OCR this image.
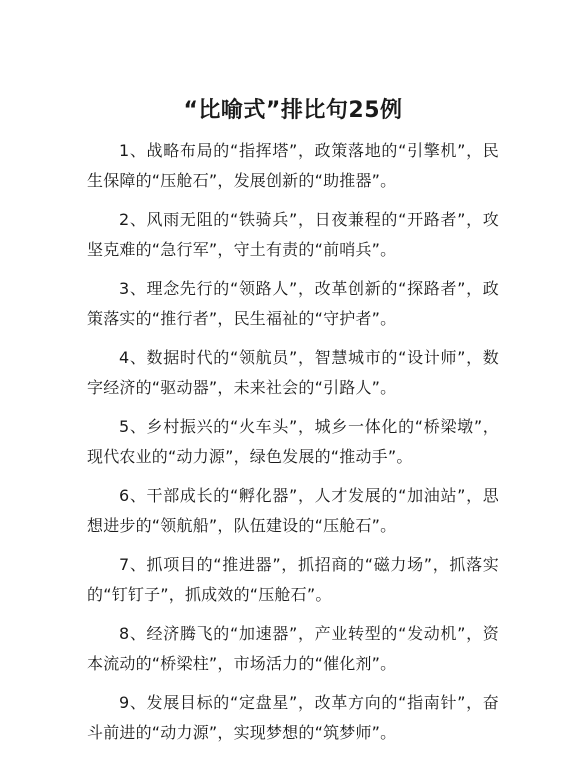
“比喻式”排比句25例

1、战略布局的“指挥塔”，政策落地的“引擎机”，民生保障的“压舱石”，发展创新的“助推器”。

2、风雨无阻的“铁骑兵”，日夜兼程的“开路者”，攻坚克难的“急行军”，守土有责的“前哨兵”。

3、理念先行的“领路人”，改革创新的“探路者”，政策落实的“推行者”，民生福祉的“守护者”。

4、数据时代的“领航员”，智慧城市的“设计师”，数字经济的“驱动器”，未来社会的“引路人”。

5、乡村振兴的“火车头”，城乡一体化的“桥梁墩”，现代农业的“动力源”，绿色发展的“推动手”。

6、干部成长的“孵化器”，人才发展的“加油站”，思想进步的“领航船”，队伍建设的“压舱石”。

7、抓项目的“推进器”，抓招商的“磁力场”，抓落实的“钉钉子”，抓成效的“压舱石”。

8、经济腾飞的“加速器”，产业转型的“发动机”，资本流动的“桥梁柱”，市场活力的“催化剂”。

9、发展目标的“定盘星”，改革方向的“指南针”，奋斗前进的“动力源”，实现梦想的“筑梦师”。
